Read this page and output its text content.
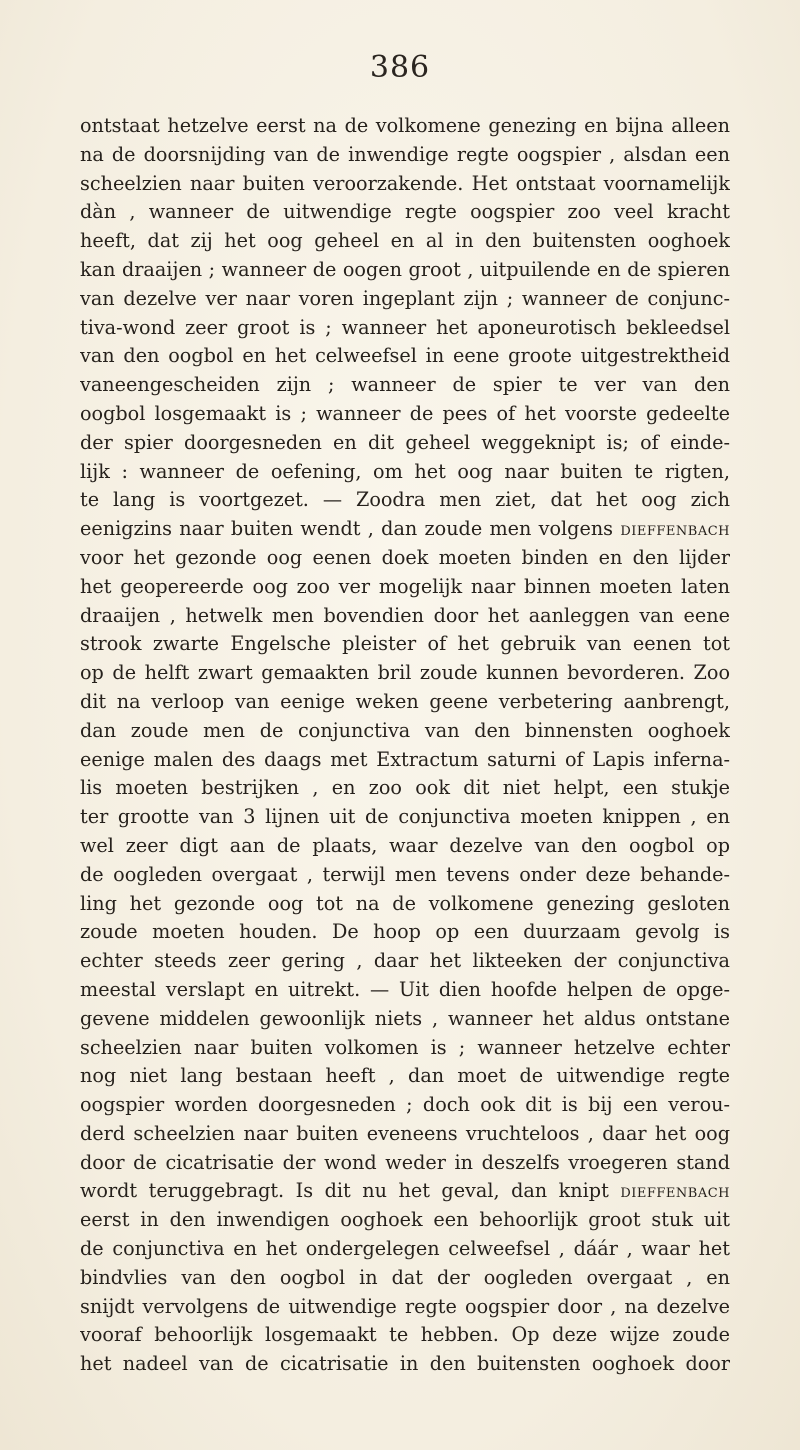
386
ontstaat hetzelve eerst na de volkomene genezing en bijna alleen
na de doorsnijding van de inwendige regte oogspier , alsdan een
scheelzien naar buiten veroorzakende. Het ontstaat voornamelijk
dàn , wanneer de uitwendige regte oogspier zoo veel kracht
heeft, dat zij het oog geheel en al in den buitensten ooghoek
kan draaijen ; wanneer de oogen groot , uitpuilende en de spieren
van dezelve ver naar voren ingeplant zijn ; wanneer de conjunc-
tiva-wond zeer groot is ; wanneer het aponeurotisch bekleedsel
van den oogbol en het celweefsel in eene groote uitgestrektheid
vaneengescheiden zijn ; wanneer de spier te ver van den
oogbol losgemaakt is ; wanneer de pees of het voorste gedeelte
der spier doorgesneden en dit geheel weggeknipt is; of einde-
lijk : wanneer de oefening, om het oog naar buiten te rigten,
te lang is voortgezet. — Zoodra men ziet, dat het oog zich
eenigzins naar buiten wendt , dan zoude men volgens dieffenbach
voor het gezonde oog eenen doek moeten binden en den lijder
het geopereerde oog zoo ver mogelijk naar binnen moeten laten
draaijen , hetwelk men bovendien door het aanleggen van eene
strook zwarte Engelsche pleister of het gebruik van eenen tot
op de helft zwart gemaakten bril zoude kunnen bevorderen. Zoo
dit na verloop van eenige weken geene verbetering aanbrengt,
dan zoude men de conjunctiva van den binnensten ooghoek
eenige malen des daags met Extractum saturni of Lapis inferna-
lis moeten bestrijken , en zoo ook dit niet helpt, een stukje
ter grootte van 3 lijnen uit de conjunctiva moeten knippen , en
wel zeer digt aan de plaats, waar dezelve van den oogbol op
de oogleden overgaat , terwijl men tevens onder deze behande-
ling het gezonde oog tot na de volkomene genezing gesloten
zoude moeten houden. De hoop op een duurzaam gevolg is
echter steeds zeer gering , daar het likteeken der conjunctiva
meestal verslapt en uitrekt. — Uit dien hoofde helpen de opge-
gevene middelen gewoonlijk niets , wanneer het aldus ontstane
scheelzien naar buiten volkomen is ; wanneer hetzelve echter
nog niet lang bestaan heeft , dan moet de uitwendige regte
oogspier worden doorgesneden ; doch ook dit is bij een verou-
derd scheelzien naar buiten eveneens vruchteloos , daar het oog
door de cicatrisatie der wond weder in deszelfs vroegeren stand
wordt teruggebragt. Is dit nu het geval, dan knipt dieffenbach
eerst in den inwendigen ooghoek een behoorlijk groot stuk uit
de conjunctiva en het ondergelegen celweefsel , dáár , waar het
bindvlies van den oogbol in dat der oogleden overgaat , en
snijdt vervolgens de uitwendige regte oogspier door , na dezelve
vooraf behoorlijk losgemaakt te hebben. Op deze wijze zoude
het nadeel van de cicatrisatie in den buitensten ooghoek door
